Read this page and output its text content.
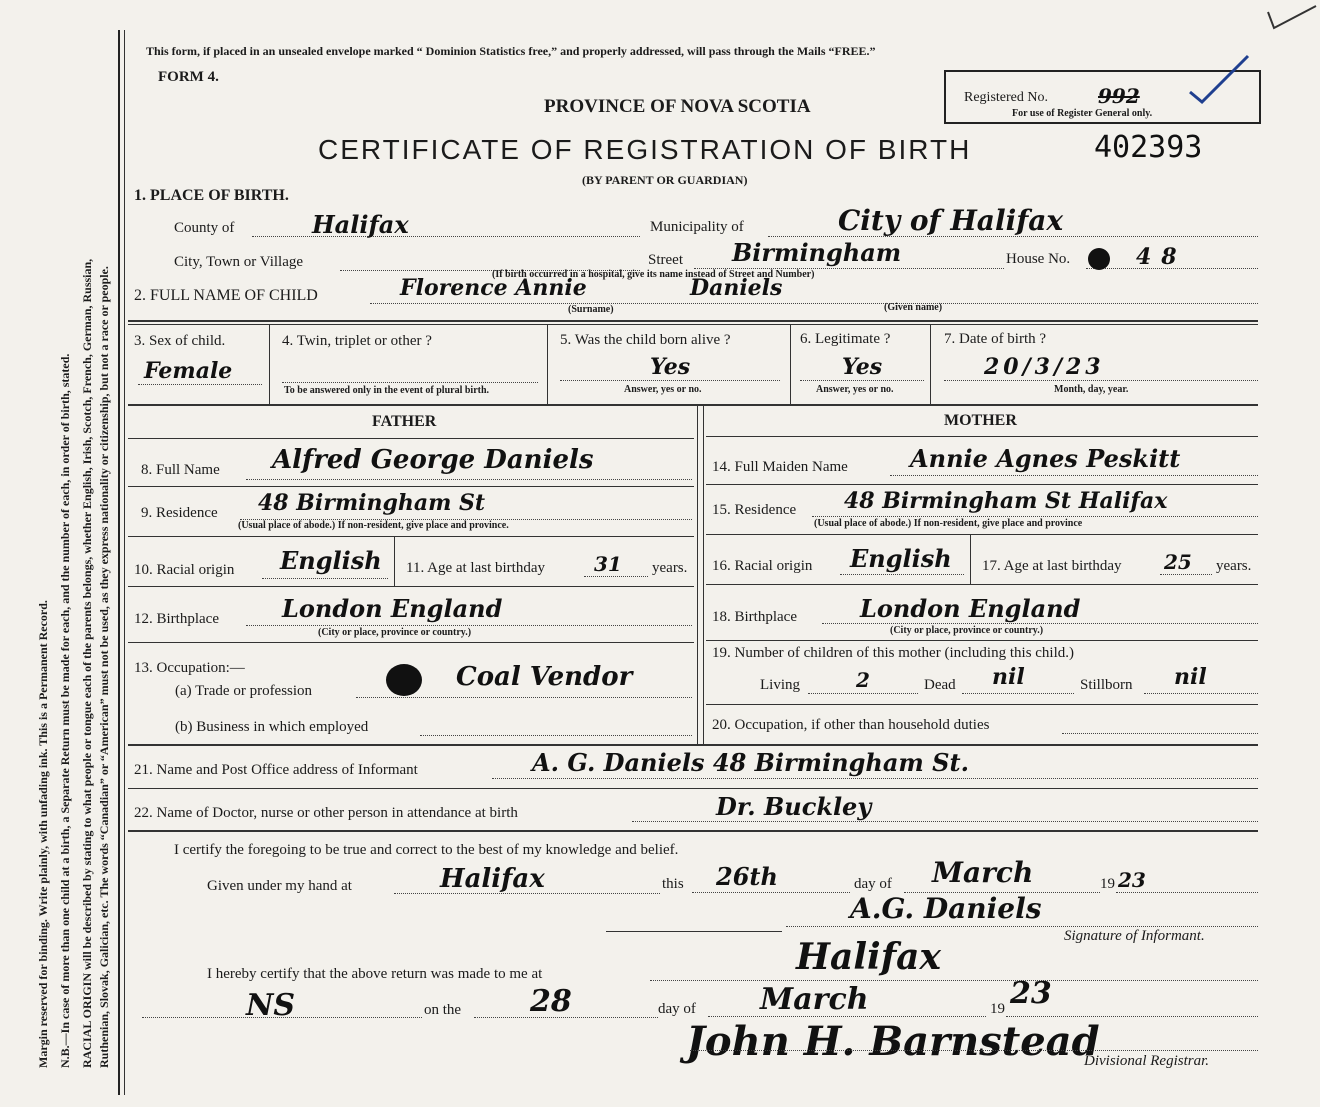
Margin reserved for binding. Write plainly, with unfading ink. This is a Permanent Record. N.B.—In case of more than one child at a birth, a Separate Return must be made for each, and the number of each, in order of birth, stated. RACIAL ORIGIN will be described by stating to what people or tongue each of the parents belongs, whether English, Irish, Scotch, French, German, Russian, Ruthenian, Slovak, Galician, etc. The words “Canadian” or “American” must not be used, as they express nationality or citizenship, but not a race or people.
This form, if placed in an unsealed envelope marked “ Dominion Statistics free,” and properly addressed, will pass through the Mails “FREE.”
FORM 4.
PROVINCE OF NOVA SCOTIA
CERTIFICATE OF REGISTRATION OF BIRTH	402393
(BY PARENT OR GUARDIAN)
Registered No.	992
For use of Register General only.
1. PLACE OF BIRTH.
County of	Halifax	Municipality of	City of Halifax
City, Town or Village	Street Birmingham	House No.	48
(If birth occurred in a hospital, give its name instead of Street and Number)
2. FULL NAME OF CHILD	Florence Annie	Daniels
(Surname)	(Given name)
3. Sex of child.
Female
4. Twin, triplet or other ?
To be answered only in the event of plural birth.
5. Was the child born alive ?
Yes
Answer, yes or no.
6. Legitimate ?
Yes
Answer, yes or no.
7. Date of birth ?
20/3/23
Month, day, year.
FATHER	MOTHER
8. Full Name Alfred George Daniels
9. Residence 48 Birmingham St
(Usual place of abode.) If non-resident, give place and province.
10. Racial origin English 11. Age at last birthday 31 years.
12. Birthplace	London England
(City or place, province or country.)
13. Occupation:—
(a) Trade or profession	Coal Vendor
(b) Business in which employed
14. Full Maiden Name	Annie Agnes Peskitt
15. Residence 48 Birmingham St Halifax
(Usual place of abode.) If non-resident, give place and province
16. Racial origin English 17. Age at last birthday 25 years.
18. Birthplace	London England
(City or place, province or country.)
19. Number of children of this mother (including this child.)
Living	2	Dead nil	Stillborn nil
20. Occupation, if other than household duties
21. Name and Post Office address of Informant	A. G. Daniels 48 Birmingham St.
22. Name of Doctor, nurse or other person in attendance at birth	Dr. Buckley
I certify the foregoing to be true and correct to the best of my knowledge and belief.
Given under my hand at	Halifax	this 26th	day of March	19 23
A.G. Daniels
Signature of Informant.
I hereby certify that the above return was made to me at	Halifax
NS	on the 28	day of March	19 23
John H. Barnstead
Divisional Registrar.
